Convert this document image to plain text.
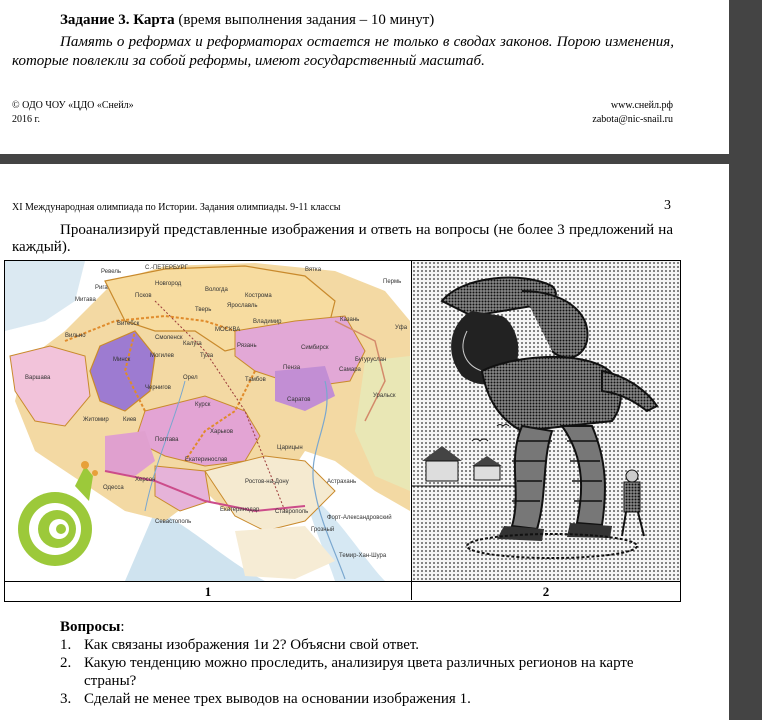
Задание 3. Карта (время выполнения задания – 10 минут)
Память о реформах и реформаторах остается не только в сводах законов. Порою изменения, которые повлекли за собой реформы, имеют государственный масштаб.
© ОДО ЧОУ «ЦДО «Снейл»
2016 г.
www.снейл.рф
zabota@nic-snail.ru
XI Международная олимпиада по Истории. Задания олимпиады. 9-11 классы	3
Проанализируй представленные изображения и ответь на вопросы (не более 3 предложений на каждый).
Ревель
С.-ПЕТЕРБУРГ	Вятка
Новгород	Пермь
Вологда
Кострома
Ярославль
Тверь
Псков
Митава
Рига
Казань
Владимир
МОСКВА
Смоленск
Витебск
Минск
Симбирск
Рязань
Тула
Калуга
Могилев
Самара
Пенза
Тамбов
Орел
Чернигов
Курск
Саратов
Варшава
Житомир Киев
Полтава
Харьков
Царицын
Екатеринослав
Херсон
Одесса
Ростов-на-Дону
Севастополь
Екатеринодар	Ставрополь
Астрахань
Грозный
Уфа
Бугуруслан
Уральск
Форт-Александровский
Темир-Хан-Шура
Вильно
1	2
Вопросы:
1. Как связаны изображения 1и 2? Объясни свой ответ.
2. Какую тенденцию можно проследить, анализируя цвета различных регионов на карте страны?
3. Сделай не менее трех выводов на основании изображения 1.
